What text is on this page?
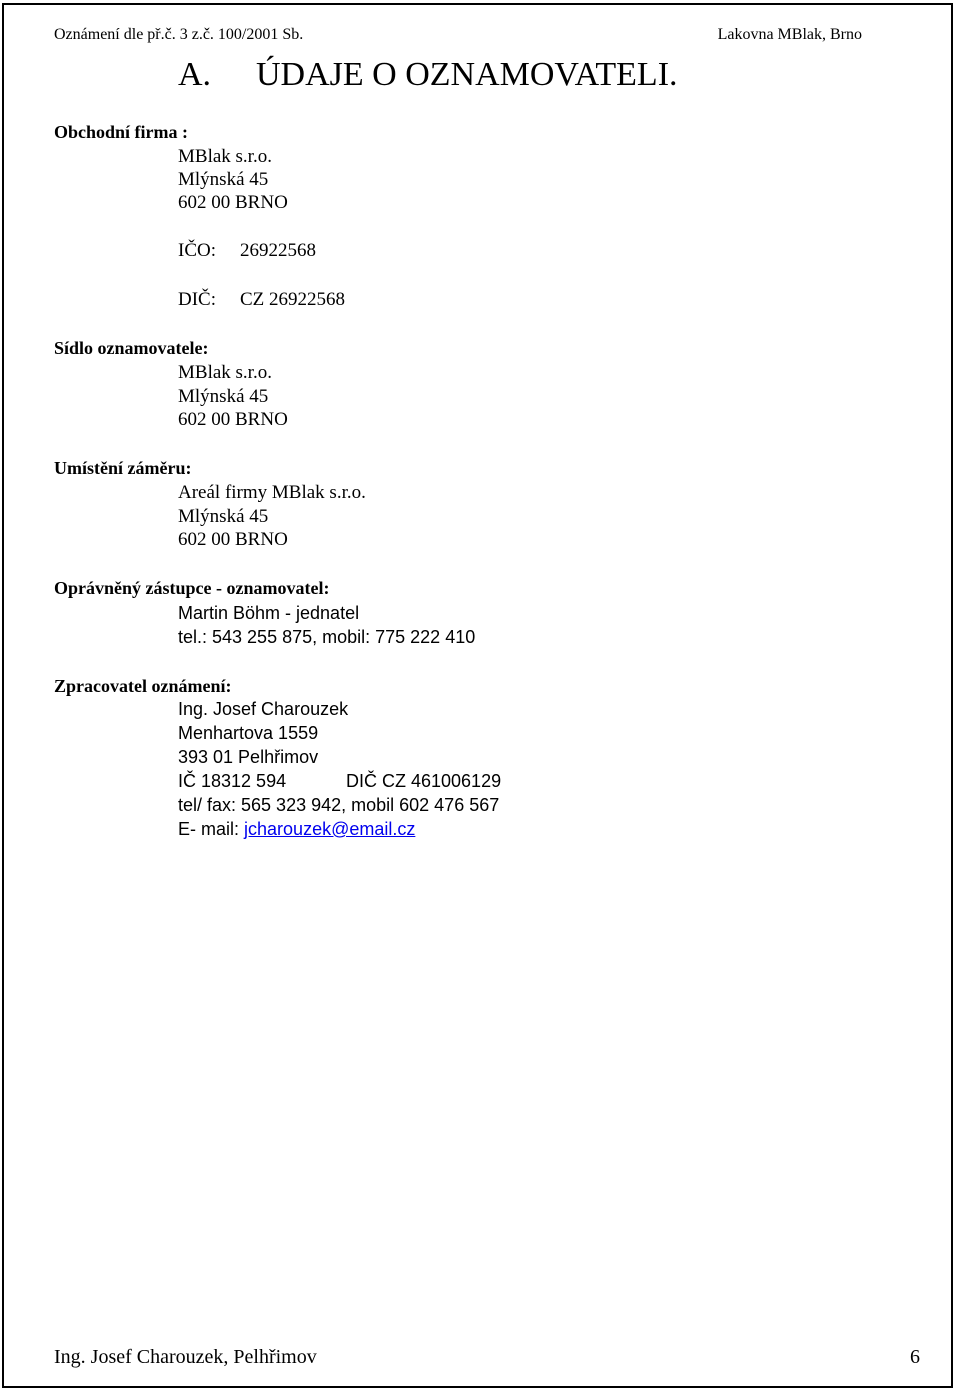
Oznámení dle př.č. 3 z.č. 100/2001 Sb.	Lakovna MBlak, Brno
A. ÚDAJE O OZNAMOVATELI.
Obchodní firma :
MBlak s.r.o.
Mlýnská 45
602 00 BRNO
IČO: 26922568
DIČ: CZ 26922568
Sídlo oznamovatele:
MBlak s.r.o.
Mlýnská 45
602 00 BRNO
Umístění záměru:
Areál firmy MBlak s.r.o.
Mlýnská 45
602 00 BRNO
Oprávněný zástupce - oznamovatel:
Martin Böhm - jednatel
tel.: 543 255 875, mobil: 775 222 410
Zpracovatel oznámení:
Ing. Josef Charouzek
Menhartova 1559
393 01 Pelhřimov
IČ 18312 594	DIČ CZ 461006129
tel/ fax: 565 323 942, mobil 602 476 567
E- mail: jcharouzek@email.cz
Ing. Josef Charouzek, Pelhřimov	6
